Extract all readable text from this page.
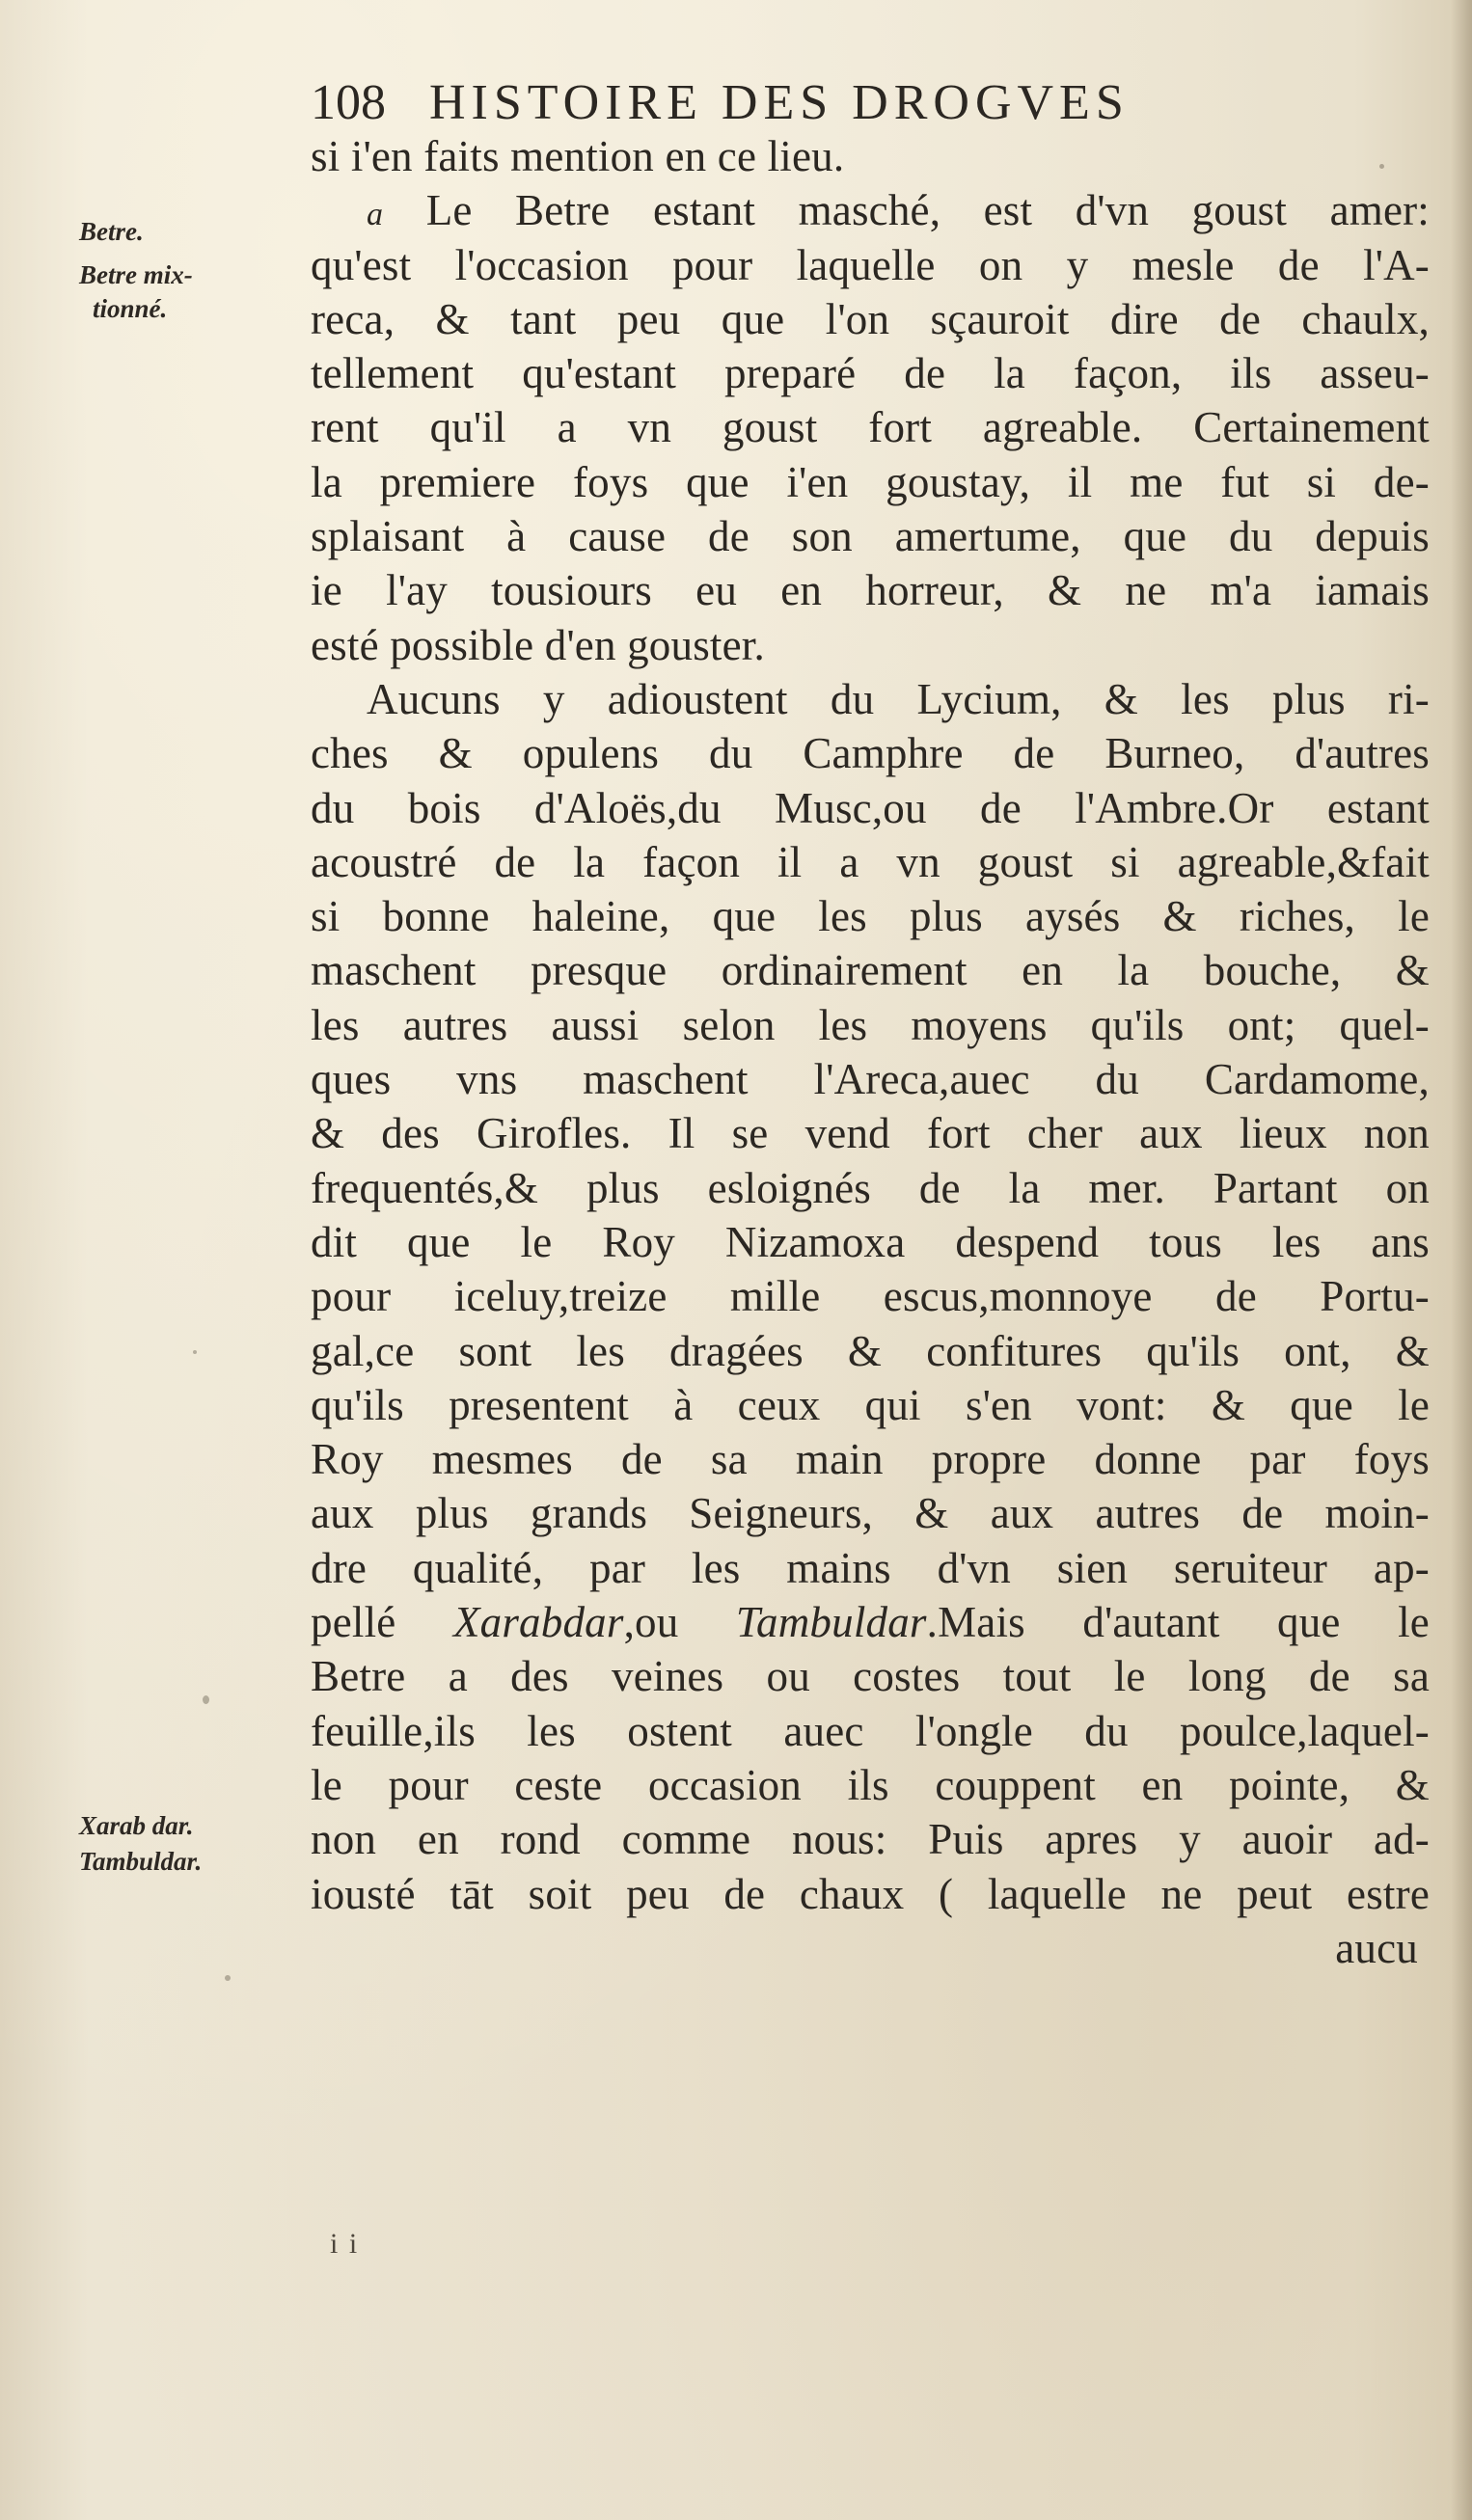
108 HISTOIRE DES DROGVES
Betre.
Betre mix-
tionné.
Xarab dar.
Tambuldar.
si i'en faits mention en ce lieu.
a Le Betre estant masché, est d'vn goust amer:
qu'est l'occasion pour laquelle on y mesle de l'A-
reca, & tant peu que l'on sçauroit dire de chaulx,
tellement qu'estant preparé de la façon, ils asseu-
rent qu'il a vn goust fort agreable. Certainement
la premiere foys que i'en goustay, il me fut si de-
splaisant à cause de son amertume, que du depuis
ie l'ay tousiours eu en horreur, & ne m'a iamais
esté possible d'en gouster.
Aucuns y adioustent du Lycium, & les plus ri-
ches & opulens du Camphre de Burneo, d'autres
du bois d'Aloës,du Musc,ou de l'Ambre.Or estant
acoustré de la façon il a vn goust si agreable,&fait
si bonne haleine, que les plus aysés & riches, le
maschent presque ordinairement en la bouche, &
les autres aussi selon les moyens qu'ils ont; quel-
ques vns maschent l'Areca,auec du Cardamome,
& des Girofles. Il se vend fort cher aux lieux non
frequentés,& plus esloignés de la mer. Partant on
dit que le Roy Nizamoxa despend tous les ans
pour iceluy,treize mille escus,monnoye de Portu-
gal,ce sont les dragées & confitures qu'ils ont, &
qu'ils presentent à ceux qui s'en vont: & que le
Roy mesmes de sa main propre donne par foys
aux plus grands Seigneurs, & aux autres de moin-
dre qualité, par les mains d'vn sien seruiteur ap-
pellé Xarabdar,ou Tambuldar.Mais d'autant que le
Betre a des veines ou costes tout le long de sa
feuille,ils les ostent auec l'ongle du poulce,laquel-
le pour ceste occasion ils couppent en pointe, &
non en rond comme nous: Puis apres y auoir ad-
iousté tāt soit peu de chaux ( laquelle ne peut estre
aucu
i i
